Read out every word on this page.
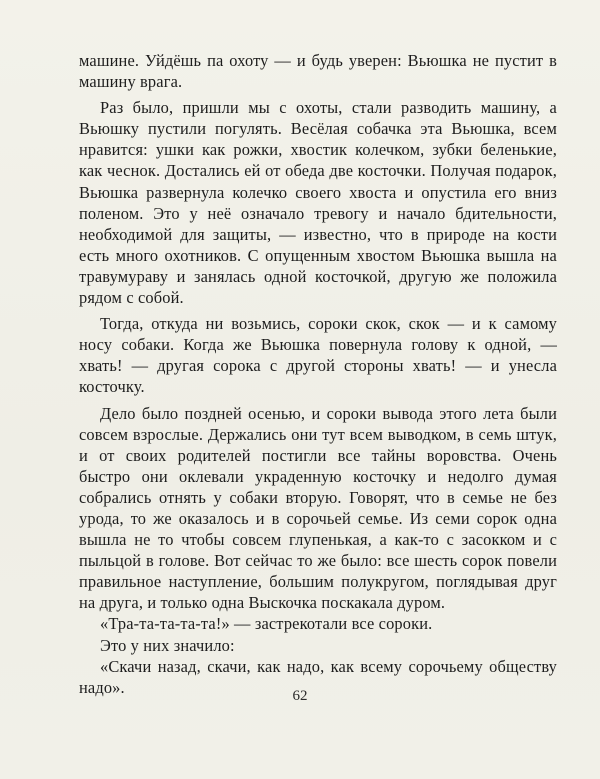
машине. Уйдёшь па охоту — и будь уверен: Вьюшка не пустит в машину врага.

Раз было, пришли мы с охоты, стали разводить машину, а Вьюшку пустили погулять. Весёлая собачка эта Вьюшка, всем нравится: ушки как рожки, хвостик колечком, зубки беленькие, как чеснок. Достались ей от обеда две косточки. Получая подарок, Вьюшка развернула колечко своего хвоста и опустила его вниз поленом. Это у неё означало тревогу и начало бдительности, необходимой для защиты, — известно, что в природе на кости есть много охотников. С опущенным хвостом Вьюшка вышла на травумураву и занялась одной косточкой, другую же положила рядом с собой.

Тогда, откуда ни возьмись, сороки скок, скок — и к самому носу собаки. Когда же Вьюшка повернула голову к одной, — хвать! — другая сорока с другой стороны хвать! — и унесла косточку.

Дело было поздней осенью, и сороки вывода этого лета были совсем взрослые. Держались они тут всем выводком, в семь штук, и от своих родителей постигли все тайны воровства. Очень быстро они оклевали украденную косточку и недолго думая собрались отнять у собаки вторую. Говорят, что в семье не без урода, то же оказалось и в сорочьей семье. Из семи сорок одна вышла не то чтобы совсем глупенькая, а как-то с засокком и с пыльцой в голове. Вот сейчас то же было: все шесть сорок повели правильное наступление, большим полукругом, поглядывая друг на друга, и только одна Выскочка поскакала дуром.

«Тра-та-та-та-та!» — застрекотали все сороки.

Это у них значило:

«Скачи назад, скачи, как надо, как всему сорочьему обществу надо».	62
